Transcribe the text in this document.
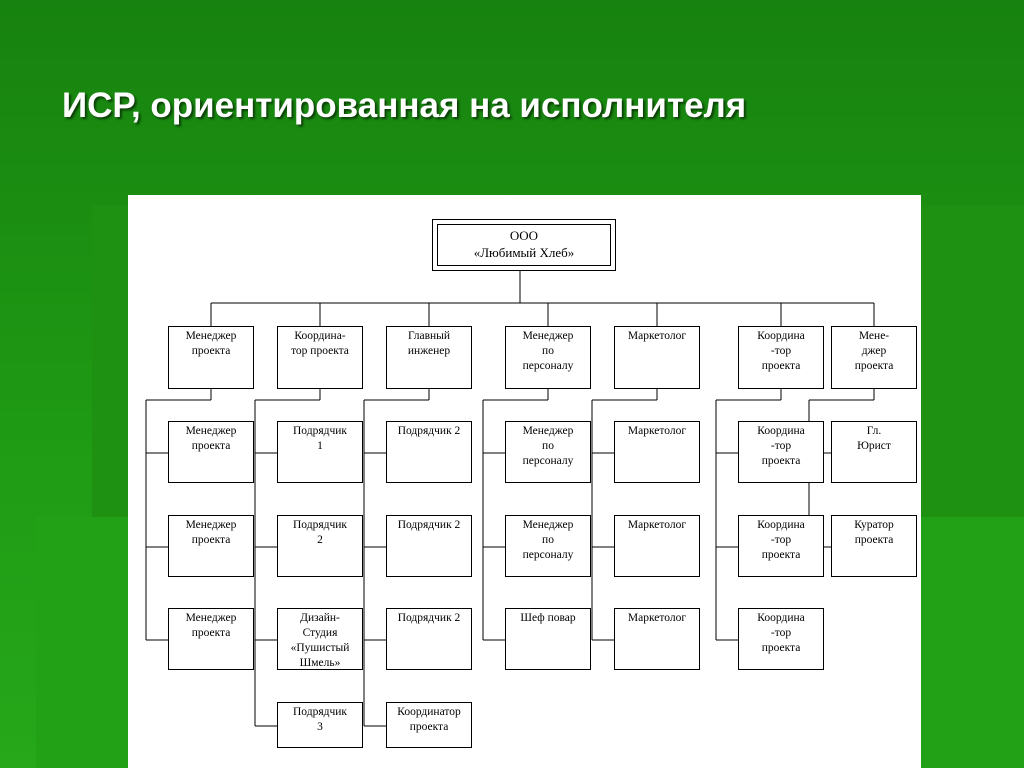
ИСР, ориентированная на исполнителя
ООО
«Любимый Хлеб»
Менеджер
проекта
Менеджер
проекта
Менеджер
проекта
Менеджер
проекта
Координа-
тор проекта
Подрядчик
1
Подрядчик
2
Дизайн-
Студия
«Пушистый
Шмель»
Подрядчик
3
Главный
инженер
Подрядчик 2
Подрядчик 2
Подрядчик 2
Координатор
проекта
Менеджер
по
персоналу
Менеджер
по
персоналу
Менеджер
по
персоналу
Шеф повар
Маркетолог
Маркетолог
Маркетолог
Маркетолог
Координа
-тор
проекта
Координа
-тор
проекта
Координа
-тор
проекта
Координа
-тор
проекта
Мене-
джер
проекта
Гл.
Юрист
Куратор
проекта
